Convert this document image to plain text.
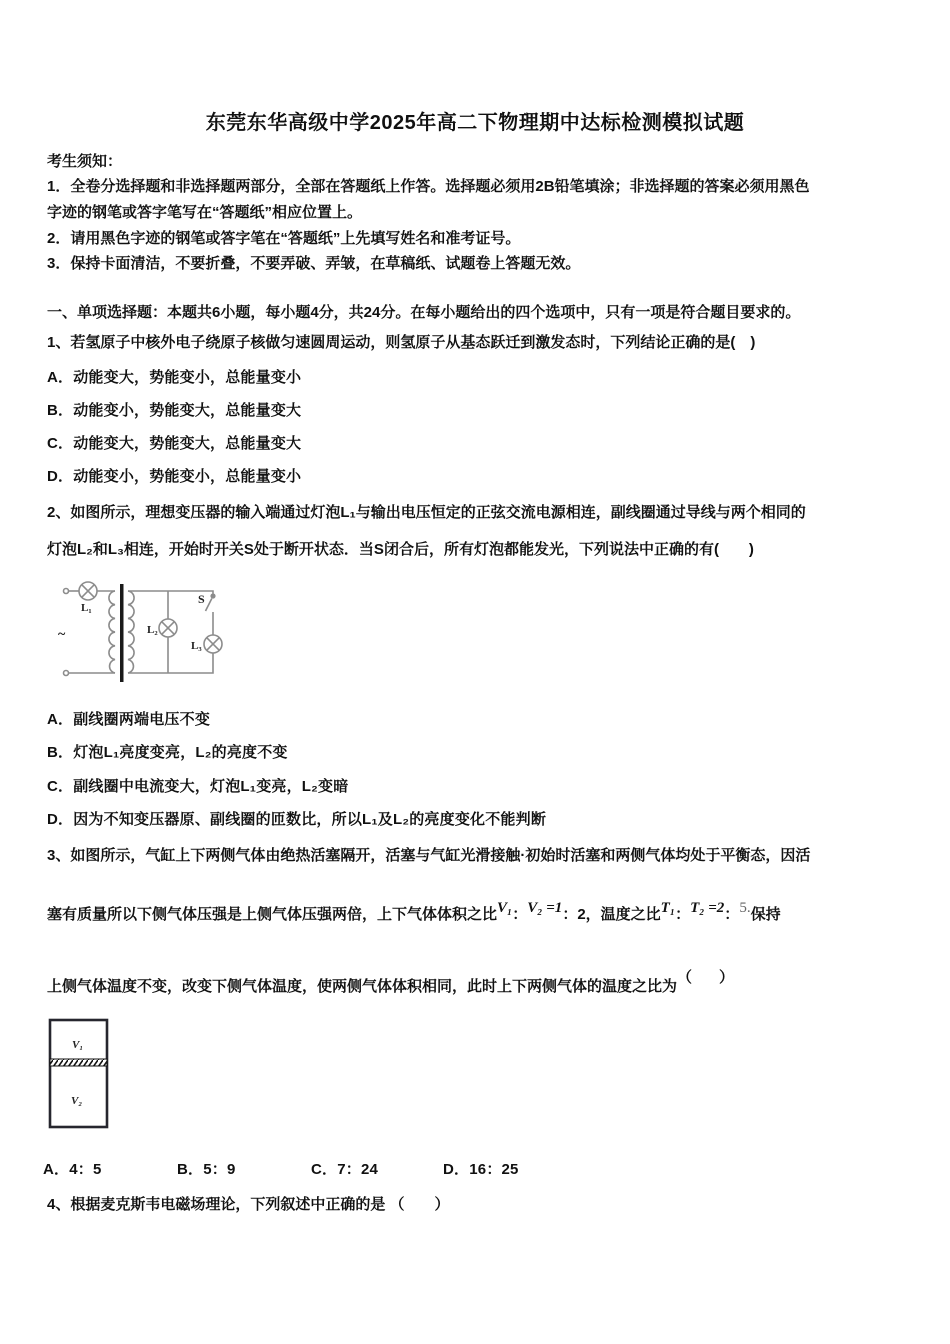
东莞东华高级中学2025年高二下物理期中达标检测模拟试题
考生须知：
1．全卷分选择题和非选择题两部分，全部在答题纸上作答。选择题必须用2B铅笔填涂；非选择题的答案必须用黑色
字迹的钢笔或答字笔写在“答题纸”相应位置上。
2．请用黑色字迹的钢笔或答字笔在“答题纸”上先填写姓名和准考证号。
3．保持卡面清洁，不要折叠，不要弄破、弄皱，在草稿纸、试题卷上答题无效。
一、单项选择题：本题共6小题，每小题4分，共24分。在每小题给出的四个选项中，只有一项是符合题目要求的。
1、若氢原子中核外电子绕原子核做匀速圆周运动，则氢原子从基态跃迁到激发态时，下列结论正确的是(　)
A．动能变大，势能变小，总能量变小
B．动能变小，势能变大，总能量变大
C．动能变大，势能变大，总能量变大
D．动能变小，势能变小，总能量变小
2、如图所示，理想变压器的输入端通过灯泡L₁与输出电压恒定的正弦交流电源相连，副线圈通过导线与两个相同的
灯泡L₂和L₃相连，开始时开关S处于断开状态．当S闭合后，所有灯泡都能发光，下列说法中正确的有(　　)
L₁
~	L₂
L₃
S
A．副线圈两端电压不变
B．灯泡L₁亮度变亮，L₂的亮度不变
C．副线圈中电流变大，灯泡L₁变亮，L₂变暗
D．因为不知变压器原、副线圈的匝数比，所以L₁及L₂的亮度变化不能判断
3、如图所示，气缸上下两侧气体由绝热活塞隔开，活塞与气缸光滑接触·初始时活塞和两侧气体均处于平衡态，因活
塞有质量所以下侧气体压强是上侧气体压强两倍，上下气体体积之比V₁：V₂ =1：2，温度之比T₁：T₂ =2：5.保持
上侧气体温度不变，改变下侧气体温度，使两侧气体体积相同，此时上下两侧气体的温度之比为（　）
V₁
V₂
A．4：5	B．5：9	C．7：24	D．16：25
4、根据麦克斯韦电磁场理论，下列叙述中正确的是 （　　）
